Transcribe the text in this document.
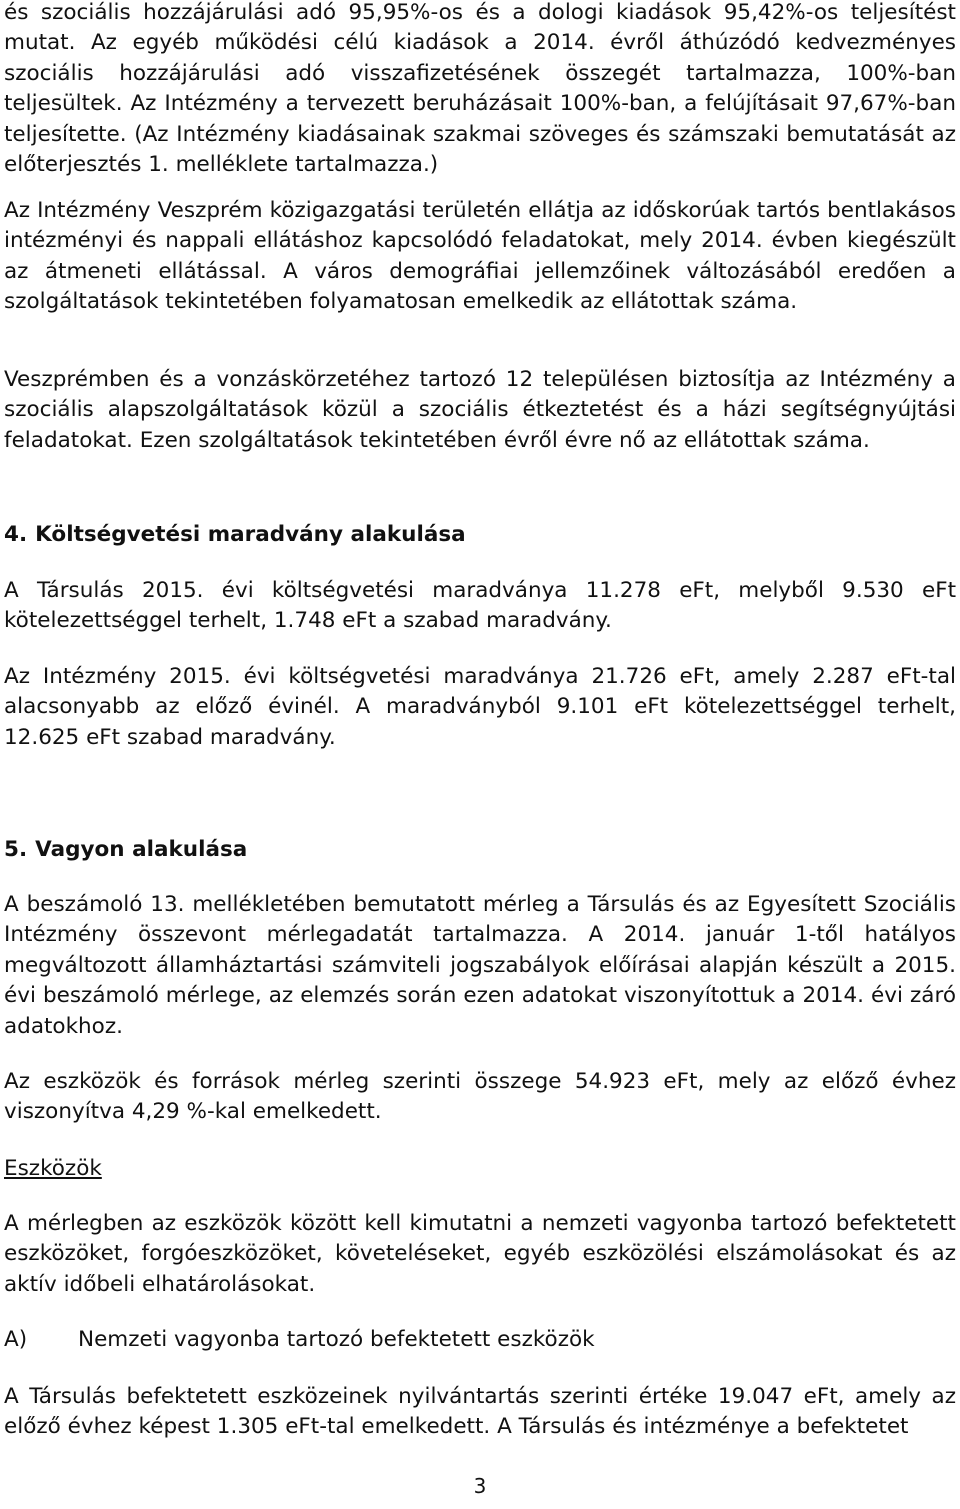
és szociális hozzájárulási adó 95,95%-os és a dologi kiadások 95,42%-os teljesítést mutat. Az egyéb működési célú kiadások a 2014. évről áthúzódó kedvezményes szociális hozzájárulási adó visszafizetésének összegét tartalmazza, 100%-ban teljesültek. Az Intézmény a tervezett beruházásait 100%-ban, a felújításait 97,67%-ban teljesítette. (Az Intézmény kiadásainak szakmai szöveges és számszaki bemutatását az előterjesztés 1. melléklete tartalmazza.)

Az Intézmény Veszprém közigazgatási területén ellátja az időskorúak tartós bentlakásos intézményi és nappali ellátáshoz kapcsolódó feladatokat, mely 2014. évben kiegészült az átmeneti ellátással. A város demográfiai jellemzőinek változásából eredően a szolgáltatások tekintetében folyamatosan emelkedik az ellátottak száma.

Veszprémben és a vonzáskörzetéhez tartozó 12 településen biztosítja az Intézmény a szociális alapszolgáltatások közül a szociális étkeztetést és a házi segítségnyújtási feladatokat. Ezen szolgáltatások tekintetében évről évre nő az ellátottak száma.

4. Költségvetési maradvány alakulása

A Társulás 2015. évi költségvetési maradványa 11.278 eFt, melyből 9.530 eFt kötelezettséggel terhelt, 1.748 eFt a szabad maradvány.

Az Intézmény 2015. évi költségvetési maradványa 21.726 eFt, amely 2.287 eFt-tal alacsonyabb az előző évinél. A maradványból 9.101 eFt kötelezettséggel terhelt, 12.625 eFt szabad maradvány.

5. Vagyon alakulása

A beszámoló 13. mellékletében bemutatott mérleg a Társulás és az Egyesített Szociális Intézmény összevont mérlegadatát tartalmazza. A 2014. január 1-től hatályos megváltozott államháztartási számviteli jogszabályok előírásai alapján készült a 2015. évi beszámoló mérlege, az elemzés során ezen adatokat viszonyítottuk a 2014. évi záró adatokhoz.

Az eszközök és források mérleg szerinti összege 54.923 eFt, mely az előző évhez viszonyítva 4,29 %-kal emelkedett.

Eszközök

A mérlegben az eszközök között kell kimutatni a nemzeti vagyonba tartozó befektetett eszközöket, forgóeszközöket, követeléseket, egyéb eszközölési elszámolásokat és az aktív időbeli elhatárolásokat.

A)	Nemzeti vagyonba tartozó befektetett eszközök

A Társulás befektetett eszközeinek nyilvántartás szerinti értéke 19.047 eFt, amely az előző évhez képest 1.305 eFt-tal emelkedett. A Társulás és intézménye a befektetet

3
